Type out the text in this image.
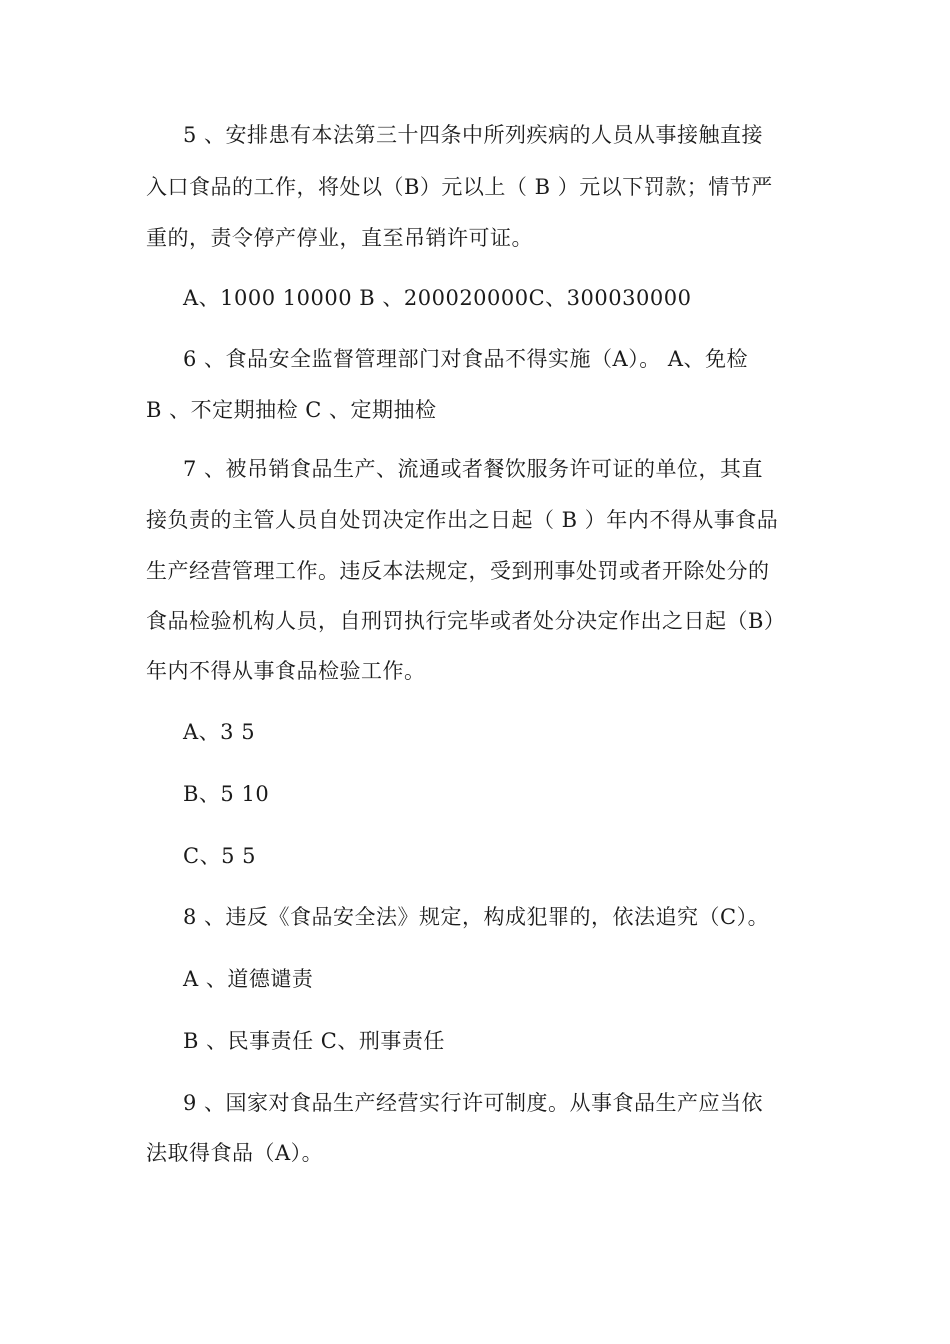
5 、安排患有本法第三十四条中所列疾病的人员从事接触直接

入口食品的工作，将处以（B）元以上（ B ）元以下罚款；情节严

重的，责令停产停业，直至吊销许可证。

A、1000 10000 B 、200020000C、300030000

6 、食品安全监督管理部门对食品不得实施（A）。 A、免检

B 、不定期抽检 C 、定期抽检

7 、被吊销食品生产、流通或者餐饮服务许可证的单位，其直

接负责的主管人员自处罚决定作出之日起（ B ）年内不得从事食品

生产经营管理工作。违反本法规定，受到刑事处罚或者开除处分的

食品检验机构人员，自刑罚执行完毕或者处分决定作出之日起（B）

年内不得从事食品检验工作。

A、3 5

B、5 10

C、5 5

8 、违反《食品安全法》规定，构成犯罪的，依法追究（C）。

A 、道德谴责

B 、民事责任 C、刑事责任

9 、国家对食品生产经营实行许可制度。从事食品生产应当依

法取得食品（A）。
